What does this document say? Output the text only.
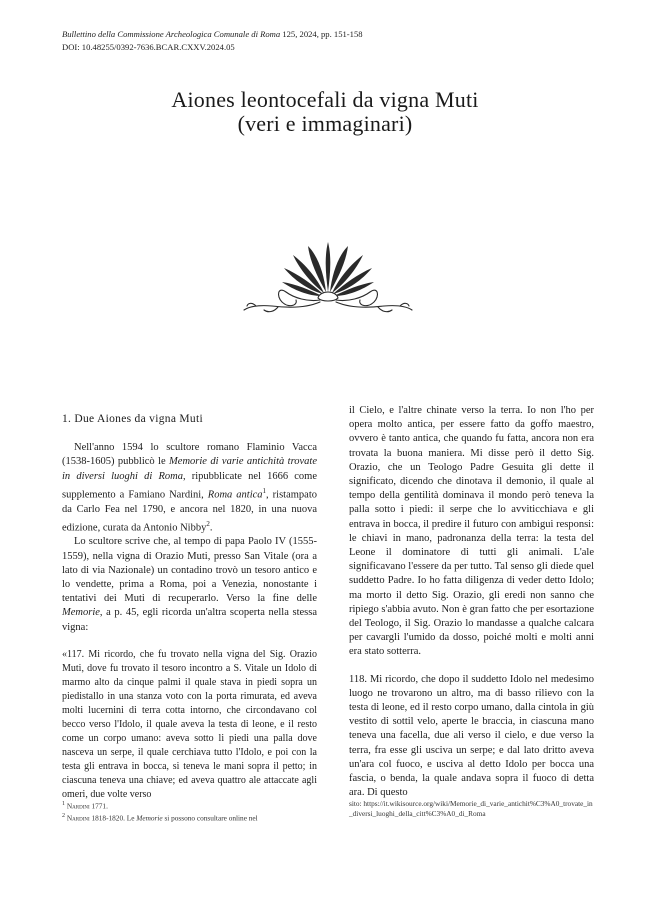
Bullettino della Commissione Archeologica Comunale di Roma 125, 2024, pp. 151-158
DOI: 10.48255/0392-7636.BCAR.CXXV.2024.05
Aiones leontocefali da vigna Muti
(veri e immaginari)

1. Due Aiones da vigna Muti

Nell'anno 1594 lo scultore romano Flaminio Vacca (1538-1605) pubblicò le Memorie di varie antichità trovate in diversi luoghi di Roma, ripubblicate nel 1666 come supplemento a Famiano Nardini, Roma antica$^1$, ristampato da Carlo Fea nel 1790, e ancora nel 1820, in una nuova edizione, curata da Antonio Nibby$^2$.

Lo scultore scrive che, al tempo di papa Paolo IV (1555-1559), nella vigna di Orazio Muti, presso San Vitale (ora a lato di via Nazionale) un contadino trovò un tesoro antico e lo vendette, prima a Roma, poi a Venezia, nonostante i tentativi dei Muti di recuperarlo. Verso la fine delle Memorie, a p. 45, egli ricorda un'altra scoperta nella stessa vigna:

«117. Mi ricordo, che fu trovato nella vigna del Sig. Orazio Muti, dove fu trovato il tesoro incontro a S. Vitale un Idolo di marmo alto da cinque palmi il quale stava in piedi sopra un piedistallo in una stanza voto con la porta rimurata, ed aveva molti lucernini di terra cotta intorno, che circondavano col becco verso l'Idolo, il quale aveva la testa di leone, e il resto come un corpo umano: aveva sotto li piedi una palla dove nasceva un serpe, il quale cerchiava tutto l'Idolo, e poi con la testa gli entrava in bocca, si teneva le mani sopra il petto; in ciascuna teneva una chiave; ed aveva quattro ale attaccate agli omeri, due volte verso

il Cielo, e l'altre chinate verso la terra. Io non l'ho per opera molto antica, per essere fatto da goffo maestro, ovvero è tanto antica, che quando fu fatta, ancora non era trovata la buona maniera. Mi disse però il detto Sig. Orazio, che un Teologo Padre Gesuita gli dette il significato, dicendo che dinotava il demonio, il quale al tempo della gentilità dominava il mondo però teneva la palla sotto i piedi: il serpe che lo avviticchiava e gli entrava in bocca, il predire il futuro con ambigui responsi: le chiavi in mano, padronanza della terra: la testa del Leone il dominatore di tutti gli animali. L'ale significavano l'essere da per tutto. Tal senso gli diede quel suddetto Padre. Io ho fatta diligenza di veder detto Idolo; ma morto il detto Sig. Orazio, gli eredi non sanno che ripiego s'abbia avuto. Non è gran fatto che per esortazione del Teologo, il Sig. Orazio lo mandasse a qualche calcara per cavargli l'umido da dosso, poiché molti e molti anni era stato sotterra.

118. Mi ricordo, che dopo il suddetto Idolo nel medesimo luogo ne trovarono un altro, ma di basso rilievo con la testa di leone, ed il resto corpo umano, dalla cintola in giù vestito di sottil velo, aperte le braccia, in ciascuna mano teneva una facella, due ali verso il cielo, e due verso la terra, fra esse gli usciva un serpe; e dal lato dritto aveva un'ara col fuoco, e usciva al detto Idolo per bocca una fascia, o benda, la quale andava sopra il fuoco di detta ara. Di questo

$^1$ Nardini 1771.
$^2$ Nardini 1818-1820. Le Memorie si possono consultare online nel
sito: https://it.wikisource.org/wiki/Memorie_di_varie_antichit%C3%A0_trovate_in_diversi_luoghi_della_citt%C3%A0_di_Roma
